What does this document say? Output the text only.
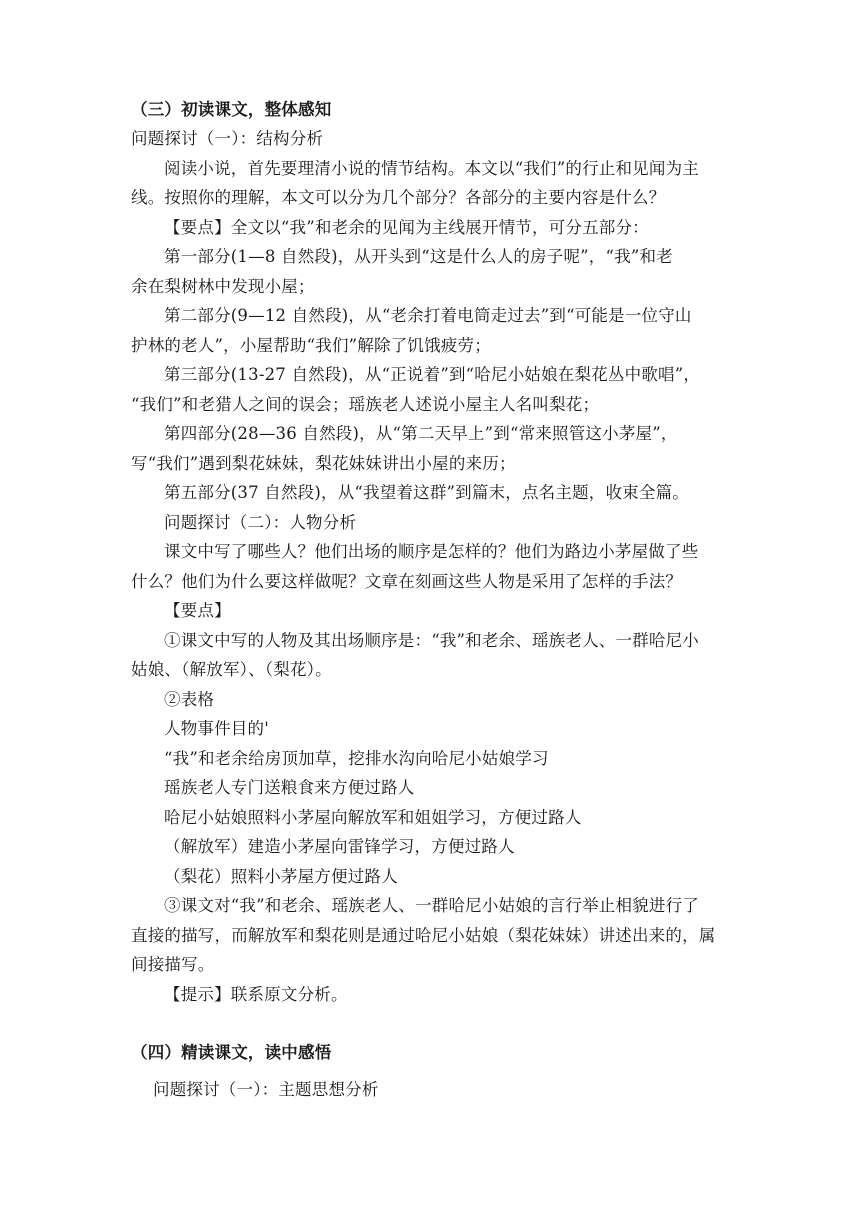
（三）初读课文，整体感知
问题探讨（一）：结构分析
阅读小说，首先要理清小说的情节结构。本文以“我们”的行止和见闻为主
线。按照你的理解，本文可以分为几个部分？各部分的主要内容是什么？
【要点】全文以“我”和老余的见闻为主线展开情节，可分五部分：
第一部分(1—8 自然段)，从开头到“这是什么人的房子呢”，“我”和老
余在梨树林中发现小屋；
第二部分(9—12 自然段)，从“老余打着电筒走过去”到“可能是一位守山
护林的老人”，小屋帮助“我们”解除了饥饿疲劳；
第三部分(13-27 自然段)，从“正说着”到“哈尼小姑娘在梨花丛中歌唱”，
“我们”和老猎人之间的误会；瑶族老人述说小屋主人名叫梨花；
第四部分(28—36 自然段)，从“第二天早上”到“常来照管这小茅屋”，
写“我们”遇到梨花妹妹，梨花妹妹讲出小屋的来历；
第五部分(37 自然段)，从“我望着这群”到篇末，点名主题，收束全篇。
问题探讨（二）：人物分析
课文中写了哪些人？他们出场的顺序是怎样的？他们为路边小茅屋做了些
什么？他们为什么要这样做呢？文章在刻画这些人物是采用了怎样的手法？
【要点】
①课文中写的人物及其出场顺序是：“我”和老余、瑶族老人、一群哈尼小
姑娘、（解放军）、（梨花）。
②表格
人物事件目的'
“我”和老余给房顶加草，挖排水沟向哈尼小姑娘学习
瑶族老人专门送粮食来方便过路人
哈尼小姑娘照料小茅屋向解放军和姐姐学习，方便过路人
（解放军）建造小茅屋向雷锋学习，方便过路人
（梨花）照料小茅屋方便过路人
③课文对“我”和老余、瑶族老人、一群哈尼小姑娘的言行举止相貌进行了
直接的描写，而解放军和梨花则是通过哈尼小姑娘（梨花妹妹）讲述出来的，属
间接描写。
【提示】联系原文分析。
（四）精读课文，读中感悟
问题探讨（一）：主题思想分析
